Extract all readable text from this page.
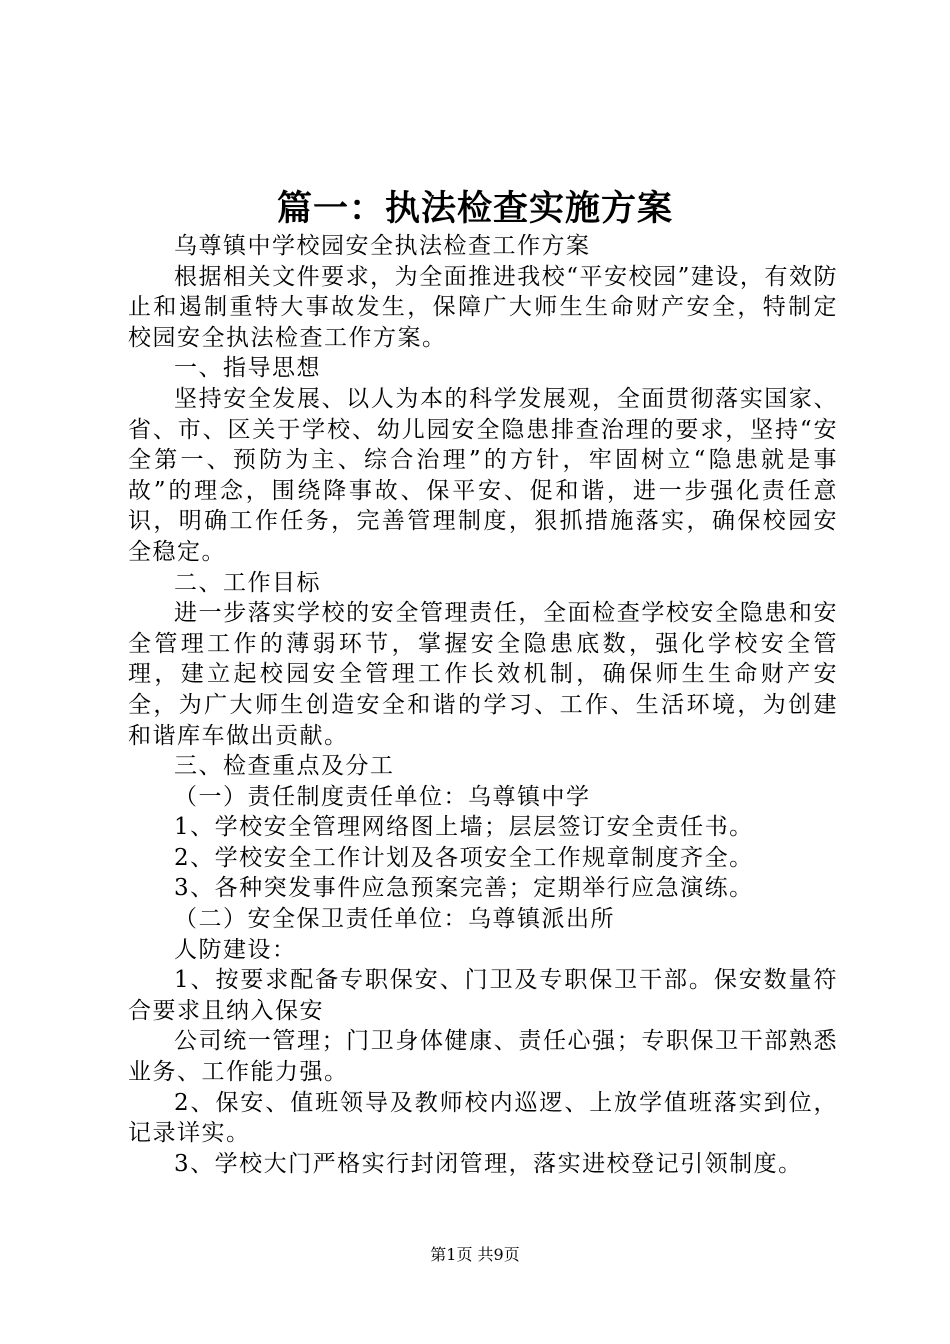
篇一：执法检查实施方案

乌尊镇中学校园安全执法检查工作方案

根据相关文件要求，为全面推进我校“平安校园”建设，有效防止和遏制重特大事故发生，保障广大师生生命财产安全，特制定校园安全执法检查工作方案。

一、指导思想

坚持安全发展、以人为本的科学发展观，全面贯彻落实国家、省、市、区关于学校、幼儿园安全隐患排查治理的要求，坚持“安全第一、预防为主、综合治理”的方针，牢固树立“隐患就是事故”的理念，围绕降事故、保平安、促和谐，进一步强化责任意识，明确工作任务，完善管理制度，狠抓措施落实，确保校园安全稳定。

二、工作目标

进一步落实学校的安全管理责任，全面检查学校安全隐患和安全管理工作的薄弱环节，掌握安全隐患底数，强化学校安全管理，建立起校园安全管理工作长效机制，确保师生生命财产安全，为广大师生创造安全和谐的学习、工作、生活环境，为创建和谐库车做出贡献。

三、检查重点及分工

（一）责任制度责任单位：乌尊镇中学

1、学校安全管理网络图上墙；层层签订安全责任书。

2、学校安全工作计划及各项安全工作规章制度齐全。

3、各种突发事件应急预案完善；定期举行应急演练。

（二）安全保卫责任单位：乌尊镇派出所

人防建设：

1、按要求配备专职保安、门卫及专职保卫干部。保安数量符合要求且纳入保安

公司统一管理；门卫身体健康、责任心强；专职保卫干部熟悉业务、工作能力强。

2、保安、值班领导及教师校内巡逻、上放学值班落实到位，记录详实。

3、学校大门严格实行封闭管理，落实进校登记引领制度。

第1页 共9页
